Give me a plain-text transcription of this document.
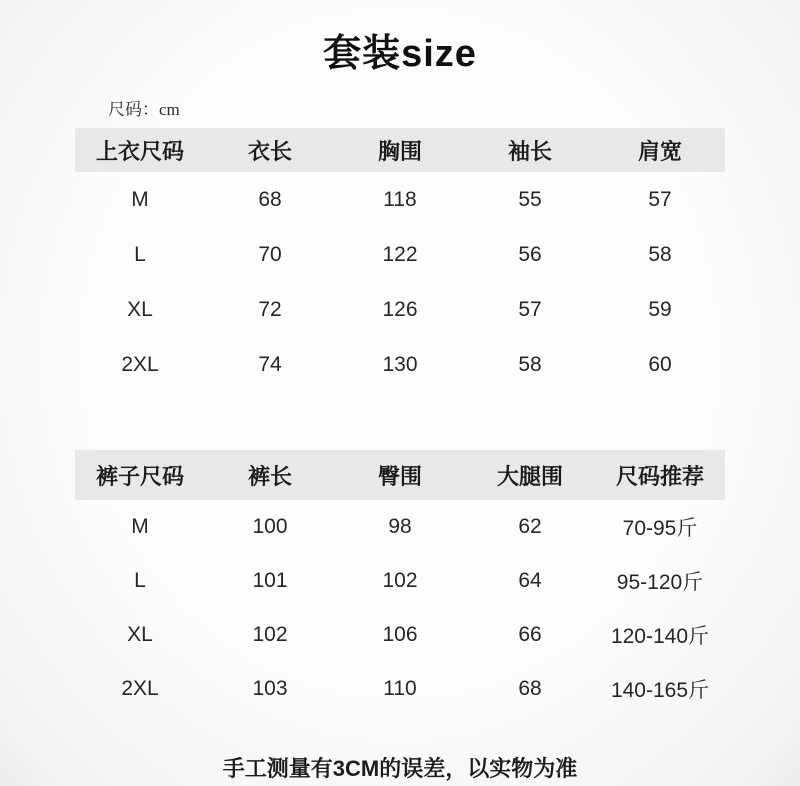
套装size
尺码：cm
上衣尺码	衣长	胸围	袖长	肩宽
M	68	118	55	57
L	70	122	56	58
XL	72	126	57	59
2XL	74	130	58	60
裤子尺码	裤长	臀围	大腿围	尺码推荐
M	100	98	62	70-95斤
L	101	102	64	95-120斤
XL	102	106	66	120-140斤
2XL	103	110	68	140-165斤
手工测量有3CM的误差，以实物为准
